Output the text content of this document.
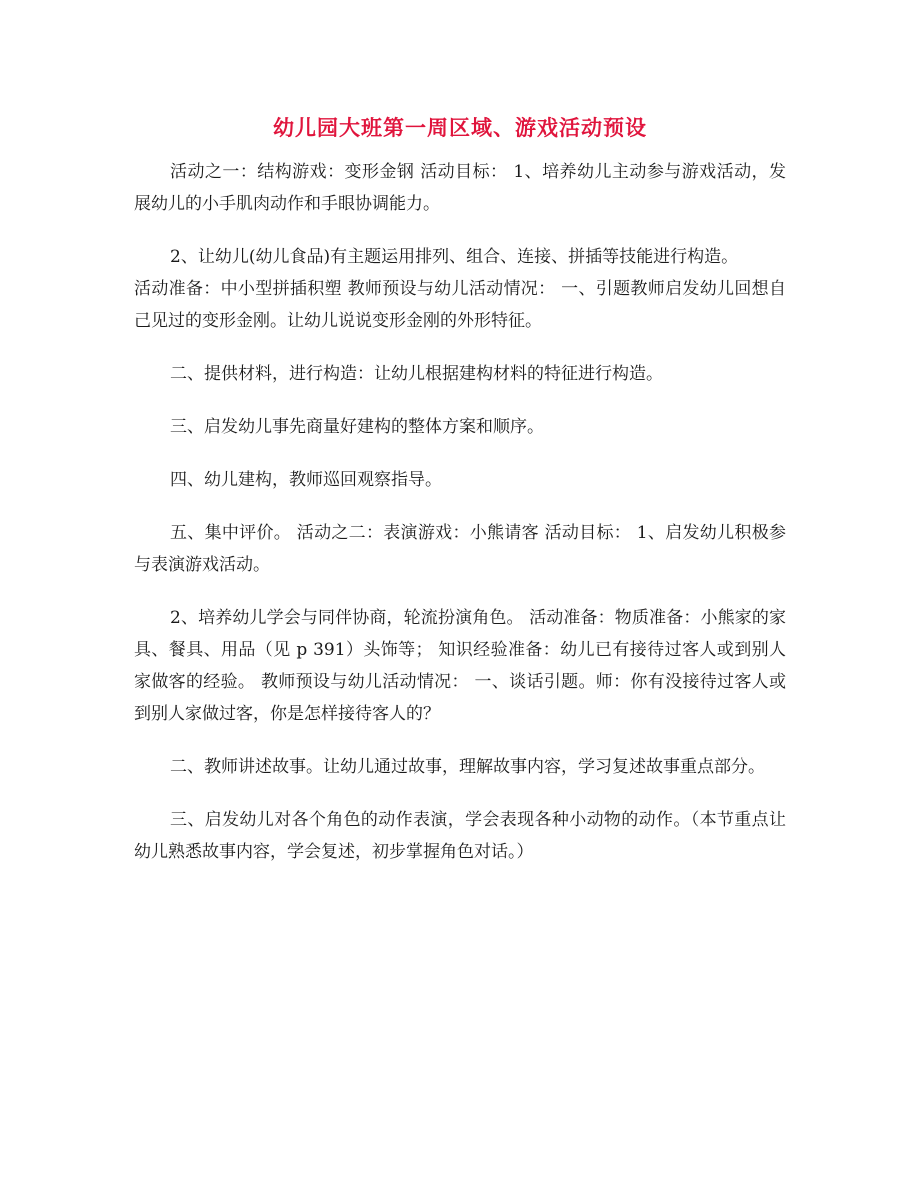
幼儿园大班第一周区域、游戏活动预设

活动之一：结构游戏：变形金钢 活动目标： 1、培养幼儿主动参与游戏活动，发展幼儿的小手肌肉动作和手眼协调能力。

2、让幼儿(幼儿食品)有主题运用排列、组合、连接、拼插等技能进行构造。

活动准备：中小型拼插积塑 教师预设与幼儿活动情况： 一、引题教师启发幼儿回想自己见过的变形金刚。让幼儿说说变形金刚的外形特征。

二、提供材料，进行构造：让幼儿根据建构材料的特征进行构造。

三、启发幼儿事先商量好建构的整体方案和顺序。

四、幼儿建构，教师巡回观察指导。

五、集中评价。 活动之二：表演游戏：小熊请客 活动目标： 1、启发幼儿积极参与表演游戏活动。

2、培养幼儿学会与同伴协商，轮流扮演角色。 活动准备：物质准备：小熊家的家具、餐具、用品（见 p 391）头饰等； 知识经验准备：幼儿已有接待过客人或到别人家做客的经验。 教师预设与幼儿活动情况： 一、谈话引题。师：你有没接待过客人或到别人家做过客，你是怎样接待客人的？

二、教师讲述故事。让幼儿通过故事，理解故事内容，学习复述故事重点部分。

三、启发幼儿对各个角色的动作表演，学会表现各种小动物的动作。（本节重点让幼儿熟悉故事内容，学会复述，初步掌握角色对话。）
